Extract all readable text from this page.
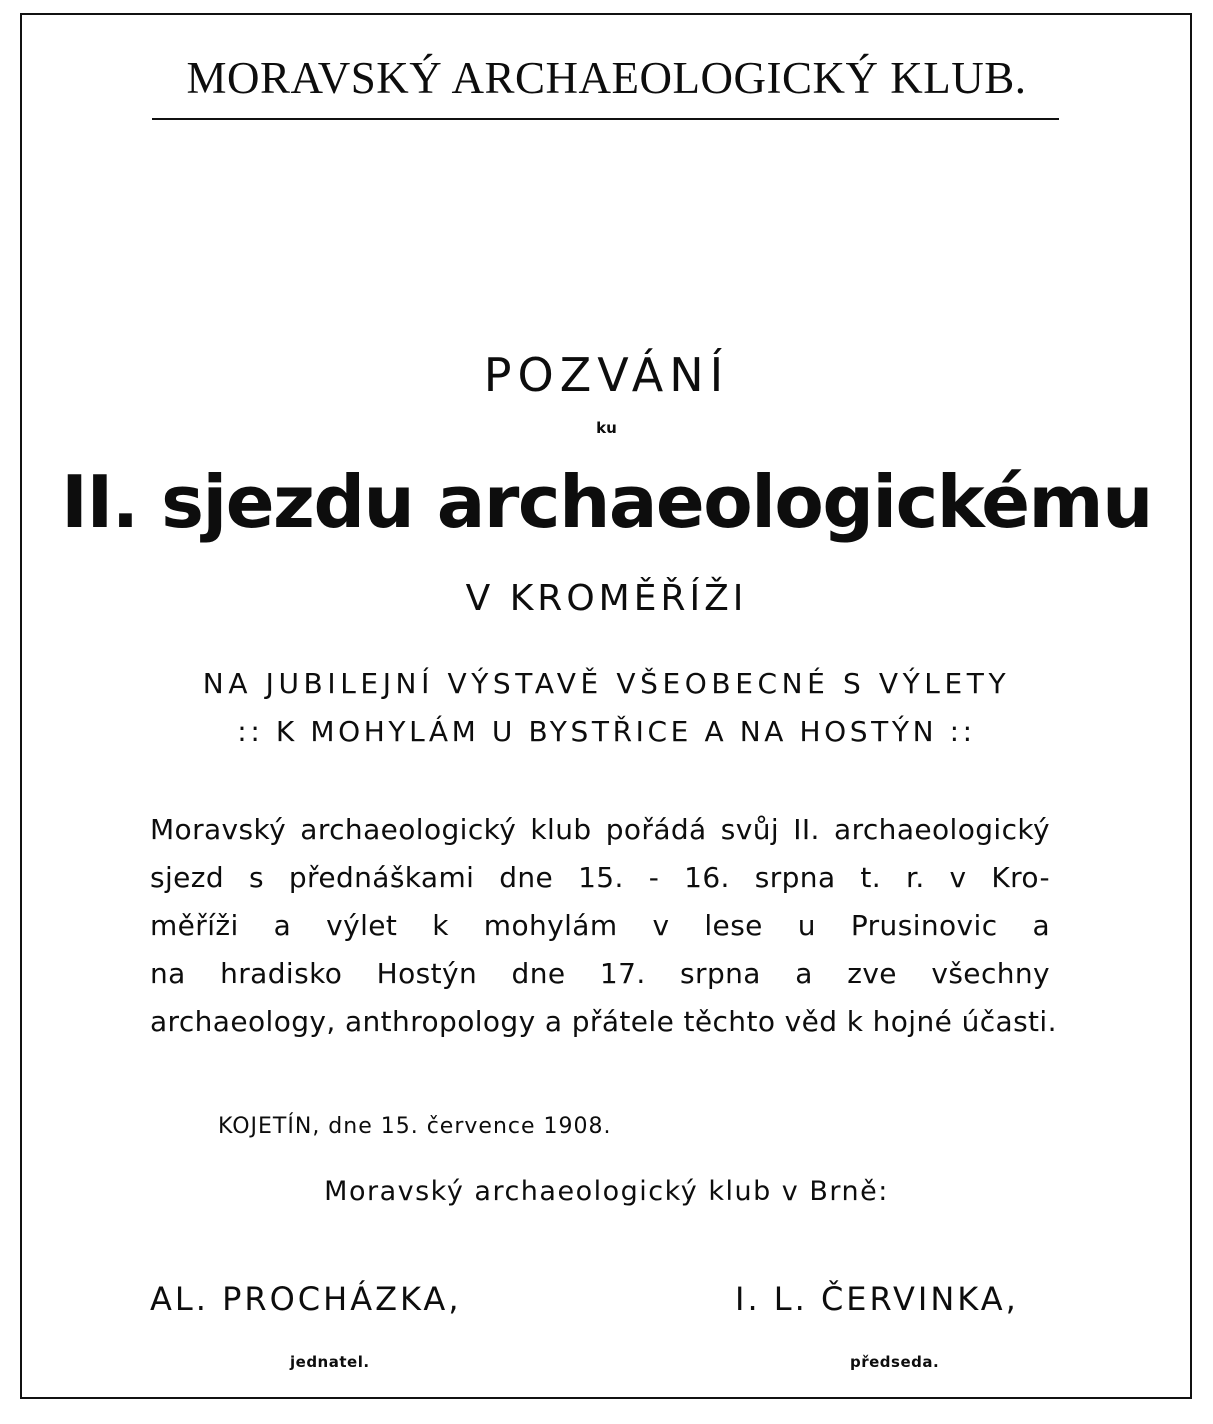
MORAVSKÝ ARCHAEOLOGICKÝ KLUB.
POZVÁNÍ
ku
II. sjezdu archaeologickému
V KROMĚŘÍŽI
NA JUBILEJNÍ VÝSTAVĚ VŠEOBECNÉ S VÝLETY
:: K MOHYLÁM U BYSTŘICE A NA HOSTÝN ::
Moravský archaeologický klub pořádá svůj II. archaeologický
sjezd s přednáškami dne 15. - 16. srpna t. r. v Kro-
měříži a výlet k mohylám v lese u Prusinovic a
na hradisko Hostýn dne 17. srpna a zve všechny
archaeology, anthropology a přátele těchto věd k hojné účasti.
KOJETÍN, dne 15. července 1908.
Moravský archaeologický klub v Brně:
AL. PROCHÁZKA,
jednatel.
I. L. ČERVINKA,
předseda.
